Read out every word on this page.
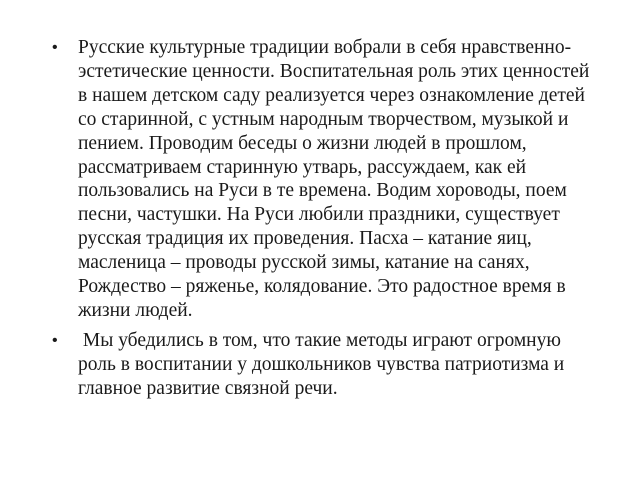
• Русские культурные традиции вобрали в себя нравственно-эстетические ценности. Воспитательная роль этих ценностей в нашем детском саду реализуется через ознакомление детей со старинной, с устным народным творчеством, музыкой и пением. Проводим беседы о жизни людей в прошлом, рассматриваем старинную утварь, рассуждаем, как ей пользовались на Руси в те времена. Водим хороводы, поем песни, частушки. На Руси любили праздники, существует русская традиция их проведения. Пасха – катание яиц, масленица – проводы русской зимы, катание на санях, Рождество – ряженье, колядование. Это радостное время в жизни людей.
• Мы убедились в том, что такие методы играют огромную роль в воспитании у дошкольников чувства патриотизма и главное развитие связной речи.
